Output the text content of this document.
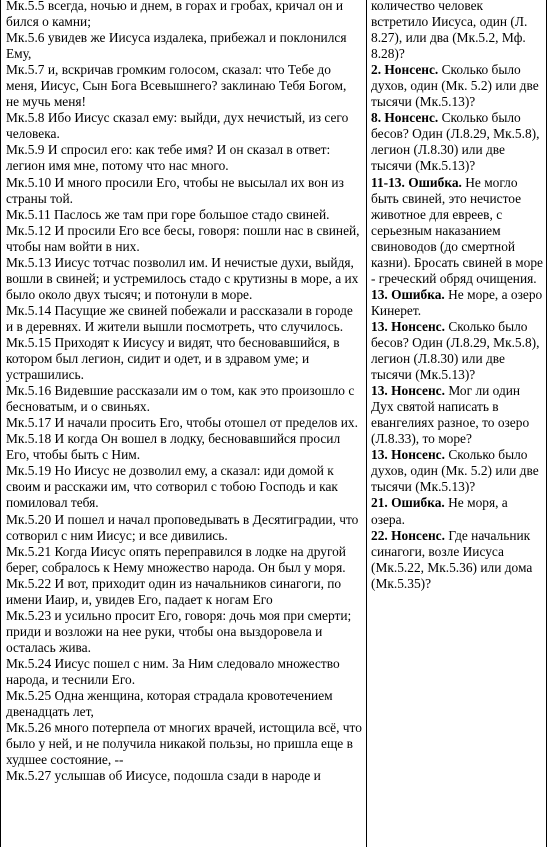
Мк.5.5 всегда, ночью и днем, в горах и гробах, кричал он и бился о камни;

Мк.5.6 увидев же Иисуса издалека, прибежал и поклонился Ему,

Мк.5.7 и, вскричав громким голосом, сказал: что Тебе до меня, Иисус, Сын Бога Всевышнего? заклинаю Тебя Богом, не мучь меня!

Мк.5.8 Ибо Иисус сказал ему: выйди, дух нечистый, из сего человека.

Мк.5.9 И спросил его: как тебе имя? И он сказал в ответ: легион имя мне, потому что нас много.

Мк.5.10 И много просили Его, чтобы не высылал их вон из страны той.

Мк.5.11 Паслось же там при горе большое стадо свиней.

Мк.5.12 И просили Его все бесы, говоря: пошли нас в свиней, чтобы нам войти в них.

Мк.5.13 Иисус тотчас позволил им. И нечистые духи, выйдя, вошли в свиней; и устремилось стадо с крутизны в море, а их было около двух тысяч; и потонули в море.

Мк.5.14 Пасущие же свиней побежали и рассказали в городе и в деревнях. И жители вышли посмотреть, что случилось.

Мк.5.15 Приходят к Иисусу и видят, что бесновавшийся, в котором был легион, сидит и одет, и в здравом уме; и устрашились.

Мк.5.16 Видевшие рассказали им о том, как это произошло с бесноватым, и о свиньях.

Мк.5.17 И начали просить Его, чтобы отошел от пределов их.

Мк.5.18 И когда Он вошел в лодку, бесновавшийся просил Его, чтобы быть с Ним.

Мк.5.19 Но Иисус не дозволил ему, а сказал: иди домой к своим и расскажи им, что сотворил с тобою Господь и как помиловал тебя.

Мк.5.20 И пошел и начал проповедывать в Десятиградии, что сотворил с ним Иисус; и все дивились.

Мк.5.21 Когда Иисус опять переправился в лодке на другой берег, собралось к Нему множество народа. Он был у моря.

Мк.5.22 И вот, приходит один из начальников синагоги, по имени Иаир, и, увидев Его, падает к ногам Его

Мк.5.23 и усильно просит Его, говоря: дочь моя при смерти; приди и возложи на нее руки, чтобы она выздоровела и осталась жива.

Мк.5.24 Иисус пошел с ним. За Ним следовало множество народа, и теснили Его.

Мк.5.25 Одна женщина, которая страдала кровотечением двенадцать лет,

Мк.5.26 много потерпела от многих врачей, истощила всё, что было у ней, и не получила никакой пользы, но пришла еще в худшее состояние, --

Мк.5.27 услышав об Иисусе, подошла сзади в народе и

количество человек встретило Иисуса, один (Л. 8.27), или два (Мк.5.2, Мф. 8.28)?

2. Нонсенс. Сколько было духов, один (Мк. 5.2) или две тысячи (Мк.5.13)?

8. Нонсенс. Сколько было бесов? Один (Л.8.29, Мк.5.8), легион (Л.8.30) или две тысячи (Мк.5.13)?

11-13. Ошибка. Не могло быть свиней, это нечистое животное для евреев, с серьезным наказанием свиноводов (до смертной казни). Бросать свиней в море - греческий обряд очищения.

13. Ошибка. Не море, а озеро Кинерет.

13. Нонсенс. Сколько было бесов? Один (Л.8.29, Мк.5.8), легион (Л.8.30) или две тысячи (Мк.5.13)?

13. Нонсенс. Мог ли один Дух святой написать в евангелиях разное, то озеро (Л.8.33), то море?

13. Нонсенс. Сколько было духов, один (Мк. 5.2) или две тысячи (Мк.5.13)?

21. Ошибка. Не моря, а озера.

22. Нонсенс. Где начальник синагоги, возле Иисуса (Мк.5.22, Мк.5.36) или дома (Мк.5.35)?
